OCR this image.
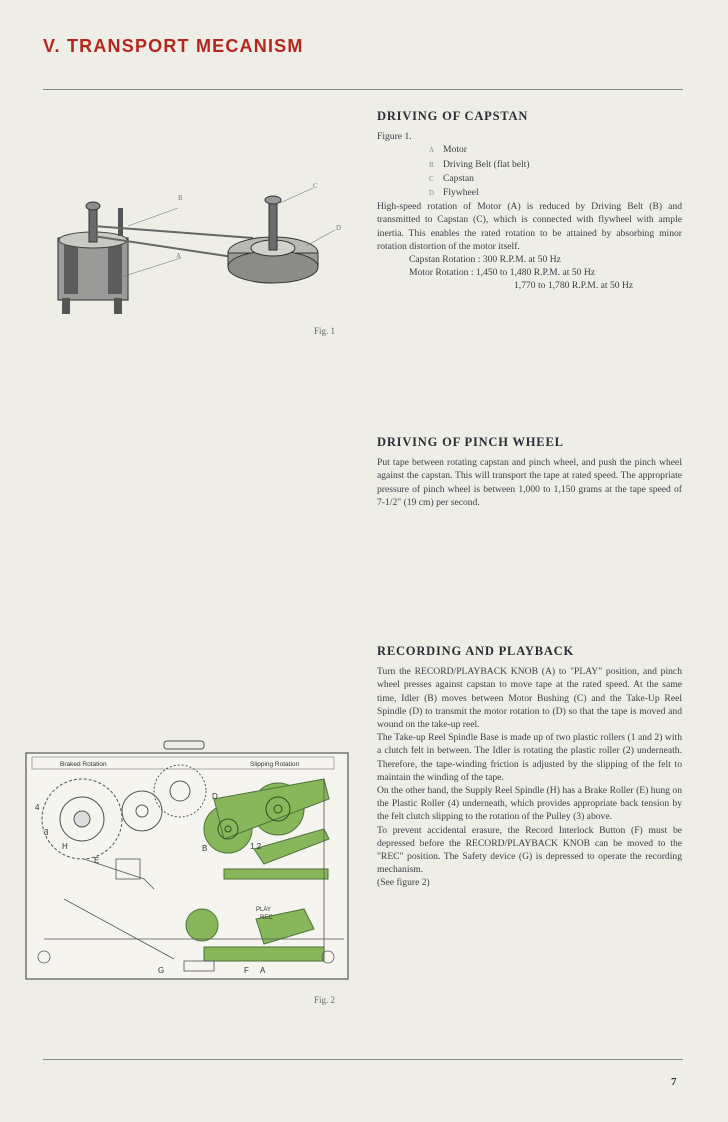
V. TRANSPORT MECANISM
B
A
C
D
Fig. 1
DRIVING OF CAPSTAN

Figure 1.

A Motor
B Driving Belt (flat belt)
C Capstan
D Flywheel

High-speed rotation of Motor (A) is reduced by Driving Belt (B) and transmitted to Capstan (C), which is connected with flywheel with ample inertia. This enables the rated rotation to be attained by absorbing minor rotation distortion of the motor itself.

Capstan Rotation : 300 R.P.M. at 50 Hz

Motor Rotation : 1,450 to 1,480 R.P.M. at 50 Hz

1,770 to 1,780 R.P.M. at 50 Hz

DRIVING OF PINCH WHEEL

Put tape between rotating capstan and pinch wheel, and push the pinch wheel against the capstan. This will transport the tape at rated speed. The appropriate pressure of pinch wheel is between 1,000 to 1,150 grams at the tape speed of 7-1/2" (19 cm) per second.

Braked Rotation	Slipping Rotation
4
3
H
E
B
D
1 2
PLAY
REC
G	F A
Fig. 2
RECORDING AND PLAYBACK

Turn the RECORD/PLAYBACK KNOB (A) to "PLAY" position, and pinch wheel presses against capstan to move tape at the rated speed. At the same time, Idler (B) moves between Motor Bushing (C) and the Take-Up Reel Spindle (D) to transmit the motor rotation to (D) so that the tape is moved and wound on the take-up reel.

The Take-up Reel Spindle Base is made up of two plastic rollers (1 and 2) with a clutch felt in between. The Idler is rotating the plastic roller (2) underneath. Therefore, the tape-winding friction is adjusted by the slipping of the felt to maintain the winding of the tape.

On the other hand, the Supply Reel Spindle (H) has a Brake Roller (E) hung on the Plastic Roller (4) underneath, which provides appropriate back tension by the felt clutch slipping to the rotation of the Pulley (3) above.

To prevent accidental erasure, the Record Interlock Button (F) must be depressed before the RECORD/PLAYBACK KNOB can be moved to the "REC" position. The Safety device (G) is depressed to operate the recording mechanism.

(See figure 2)

7
